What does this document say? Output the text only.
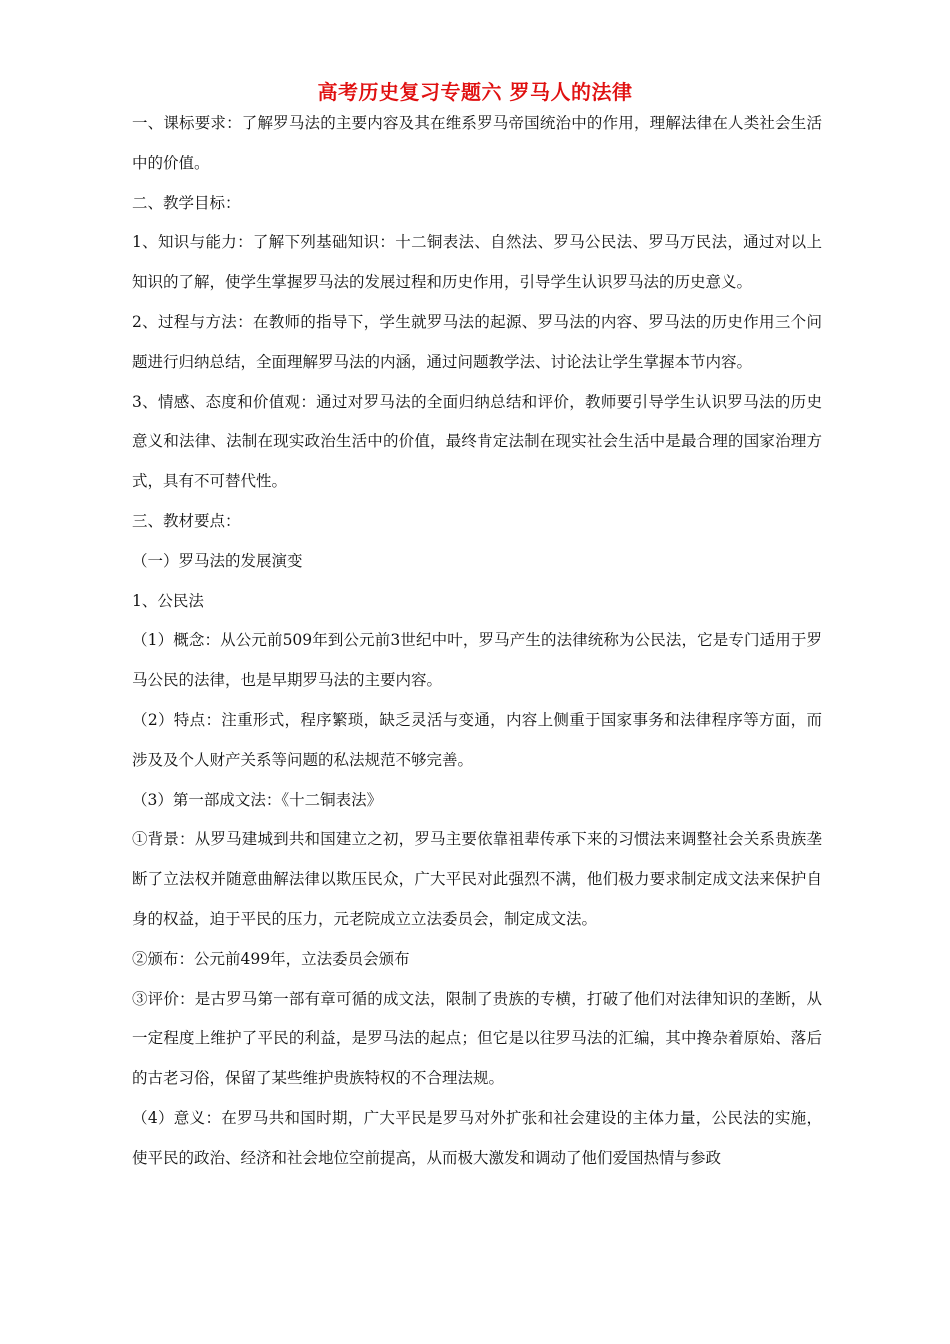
高考历史复习专题六 罗马人的法律

一、课标要求：了解罗马法的主要内容及其在维系罗马帝国统治中的作用，理解法律在人类社会生活中的价值。

二、教学目标：

1、知识与能力：了解下列基础知识：十二铜表法、自然法、罗马公民法、罗马万民法，通过对以上知识的了解，使学生掌握罗马法的发展过程和历史作用，引导学生认识罗马法的历史意义。

2、过程与方法：在教师的指导下，学生就罗马法的起源、罗马法的内容、罗马法的历史作用三个问题进行归纳总结，全面理解罗马法的内涵，通过问题教学法、讨论法让学生掌握本节内容。

3、情感、态度和价值观：通过对罗马法的全面归纳总结和评价，教师要引导学生认识罗马法的历史意义和法律、法制在现实政治生活中的价值，最终肯定法制在现实社会生活中是最合理的国家治理方式，具有不可替代性。

三、教材要点：

（一）罗马法的发展演变

1、公民法

（1）概念：从公元前509年到公元前3世纪中叶，罗马产生的法律统称为公民法，它是专门适用于罗马公民的法律，也是早期罗马法的主要内容。

（2）特点：注重形式，程序繁琐，缺乏灵活与变通，内容上侧重于国家事务和法律程序等方面，而涉及及个人财产关系等问题的私法规范不够完善。

（3）第一部成文法：《十二铜表法》

①背景：从罗马建城到共和国建立之初，罗马主要依靠祖辈传承下来的习惯法来调整社会关系贵族垄断了立法权并随意曲解法律以欺压民众，广大平民对此强烈不满，他们极力要求制定成文法来保护自身的权益，迫于平民的压力，元老院成立立法委员会，制定成文法。

②颁布：公元前499年，立法委员会颁布

③评价：是古罗马第一部有章可循的成文法，限制了贵族的专横，打破了他们对法律知识的垄断，从一定程度上维护了平民的利益，是罗马法的起点；但它是以往罗马法的汇编，其中搀杂着原始、落后的古老习俗，保留了某些维护贵族特权的不合理法规。

（4）意义：在罗马共和国时期，广大平民是罗马对外扩张和社会建设的主体力量，公民法的实施，使平民的政治、经济和社会地位空前提高，从而极大激发和调动了他们爱国热情与参政
